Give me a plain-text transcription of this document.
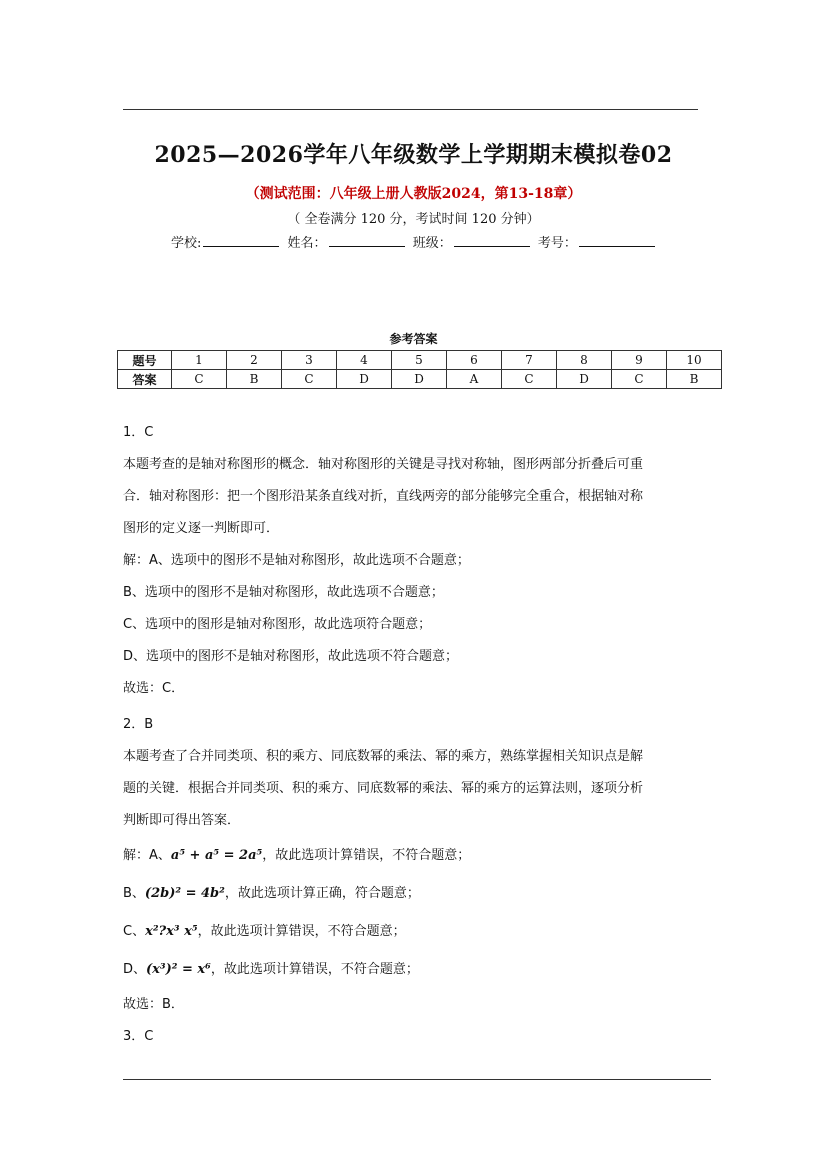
2025—2026学年八年级数学上学期期末模拟卷02
（测试范围：八年级上册人教版2024，第13-18章）
（ 全卷满分 120 分，考试时间 120 分钟）
学校:	姓名：	班级：	考号：
参考答案
题号	1	2	3	4	5	6	7	8	9	10
答案	C	B	C	D	D	A	C	D	C	B
1．C
本题考查的是轴对称图形的概念．轴对称图形的关键是寻找对称轴，图形两部分折叠后可重
合．轴对称图形：把一个图形沿某条直线对折，直线两旁的部分能够完全重合，根据轴对称
图形的定义逐一判断即可．
解：A、选项中的图形不是轴对称图形，故此选项不合题意；
B、选项中的图形不是轴对称图形，故此选项不合题意；
C、选项中的图形是轴对称图形，故此选项符合题意；
D、选项中的图形不是轴对称图形，故此选项不符合题意；
故选：C．
2．B
本题考查了合并同类项、积的乘方、同底数幂的乘法、幂的乘方，熟练掌握相关知识点是解
题的关键．根据合并同类项、积的乘方、同底数幂的乘法、幂的乘方的运算法则，逐项分析
判断即可得出答案．
解：A、a⁵ + a⁵ = 2a⁵，故此选项计算错误，不符合题意；
B、(2b)² = 4b²，故此选项计算正确，符合题意；
C、x²?x³ x⁵，故此选项计算错误，不符合题意；
D、(x³)² = x⁶，故此选项计算错误，不符合题意；
故选：B．
3．C
